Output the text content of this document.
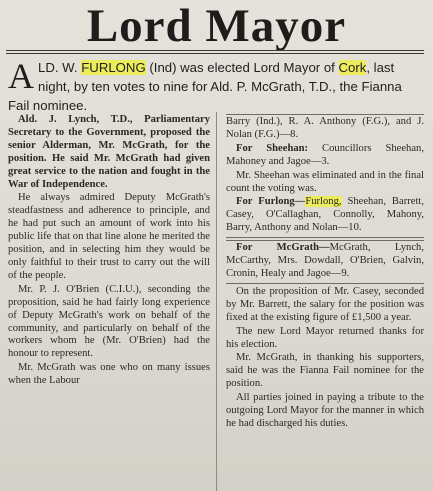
Lord Mayor
ALD. W. FURLONG (Ind) was elected Lord Mayor of Cork, last night, by ten votes to nine for Ald. P. McGrath, T.D., the Fianna Fail nominee.

Ald. J. Lynch, T.D., Parliamentary Secretary to the Government, proposed the senior Alderman, Mr. McGrath, for the position. He said Mr. McGrath had given great service to the nation and fought in the War of Independence.

He always admired Deputy McGrath's steadfastness and adherence to principle, and he had put such an amount of work into his public life that on that line alone he merited the position, and in selecting him they would be only faithful to their trust to carry out the will of the people.

Mr. P. J. O'Brien (C.I.U.), seconding the proposition, said he had fairly long experience of Deputy McGrath's work on behalf of the community, and particularly on behalf of the workers whom he (Mr. O'Brien) had the honour to represent.

Mr. McGrath was one who on many issues when the Labour

Barry (Ind.), R. A. Anthony (F.G.), and J. Nolan (F.G.)—8.

For Sheehan: Councillors Sheehan, Mahoney and Jagoe—3.

Mr. Sheehan was eliminated and in the final count the voting was.

For Furlong—Furlong, Sheehan, Barrett, Casey, O'Callaghan, Connolly, Mahony, Barry, Anthony and Nolan—10.

For McGrath—McGrath, Lynch, McCarthy, Mrs. Dowdall, O'Brien, Galvin, Cronin, Healy and Jagoe—9.

On the proposition of Mr. Casey, seconded by Mr. Barrett, the salary for the position was fixed at the existing figure of £1,500 a year.

The new Lord Mayor returned thanks for his election.

Mr. McGrath, in thanking his supporters, said he was the Fianna Fail nominee for the position.

All parties joined in paying a tribute to the outgoing Lord Mayor for the manner in which he had discharged his duties.
